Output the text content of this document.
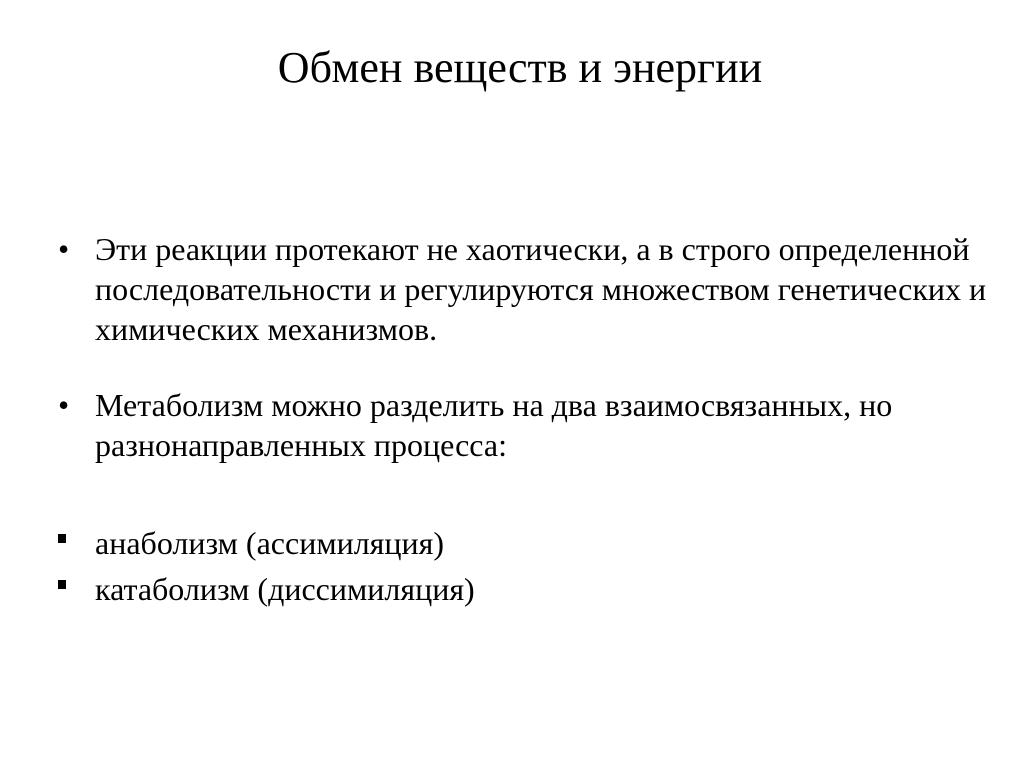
Обмен веществ и энергии
• Эти реакции протекают не хаотически, а в строго определенной последовательности и регулируются множеством генетических и химических механизмов.
• Метаболизм можно разделить на два взаимосвязанных, но разнонаправленных процесса:
анаболизм (ассимиляция)
катаболизм (диссимиляция)
